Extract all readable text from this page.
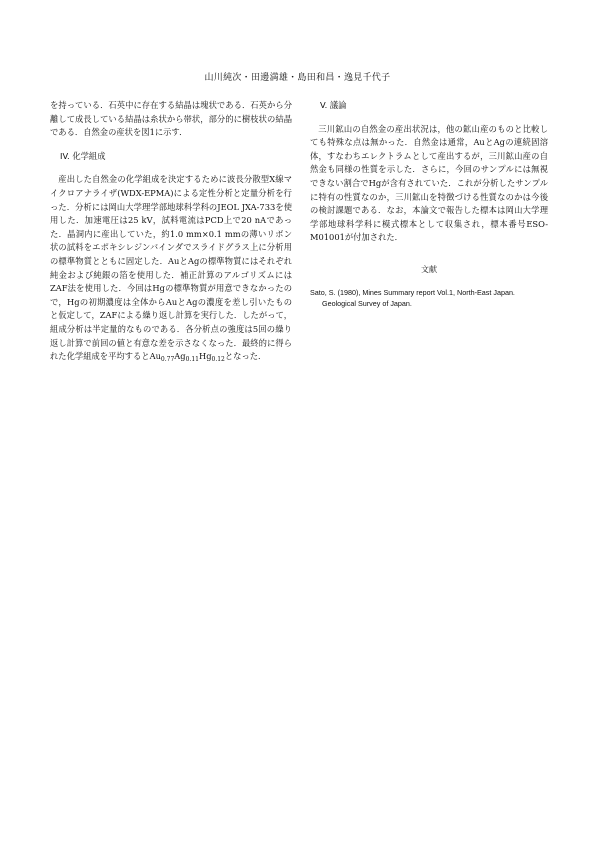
山川純次・田邊満雄・島田和昌・逸見千代子

を持っている．石英中に存在する結晶は塊状である．石英から分離して成長している結晶は糸状から帯状，部分的に樹枝状の結晶である．自然金の産状を図1に示す．

IV. 化学組成

産出した自然金の化学組成を決定するために波長分散型X線マイクロアナライザ(WDX-EPMA)による定性分析と定量分析を行った．分析には岡山大学理学部地球科学科のJEOL JXA-733を使用した．加速電圧は25 kV，試料電流はPCD上で20 nAであった．晶洞内に産出していた，約1.0 mm×0.1 mmの薄いリボン状の試料をエポキシレジンバインダでスライドグラス上に分析用の標準物質とともに固定した．AuとAgの標準物質にはそれぞれ純金および純銀の箔を使用した．補正計算のアルゴリズムにはZAF法を使用した．今回はHgの標準物質が用意できなかったので，Hgの初期濃度は全体からAuとAgの濃度を差し引いたものと仮定して，ZAFによる繰り返し計算を実行した．したがって，組成分析は半定量的なものである．各分析点の強度は5回の繰り返し計算で前回の値と有意な差を示さなくなった．最終的に得られた化学組成を平均すると$Au_{0.77}Ag_{0.11}Hg_{0.12}$となった．

V. 議論

三川鉱山の自然金の産出状況は，他の鉱山産のものと比較しても特殊な点は無かった．自然金は通常，AuとAgの連続固溶体，すなわちエレクトラムとして産出するが，三川鉱山産の自然金も同様の性質を示した．さらに，今回のサンプルには無視できない割合でHgが含有されていた．これが分析したサンプルに特有の性質なのか，三川鉱山を特徴づける性質なのかは今後の検討課題である．なお，本論文で報告した標本は岡山大学理学部地球科学科に模式標本として収集され，標本番号ESO-M01001が付加された．

文献

Sato, S. (1980), Mines Summary report Vol.1, North-East Japan. Geological Survey of Japan.
